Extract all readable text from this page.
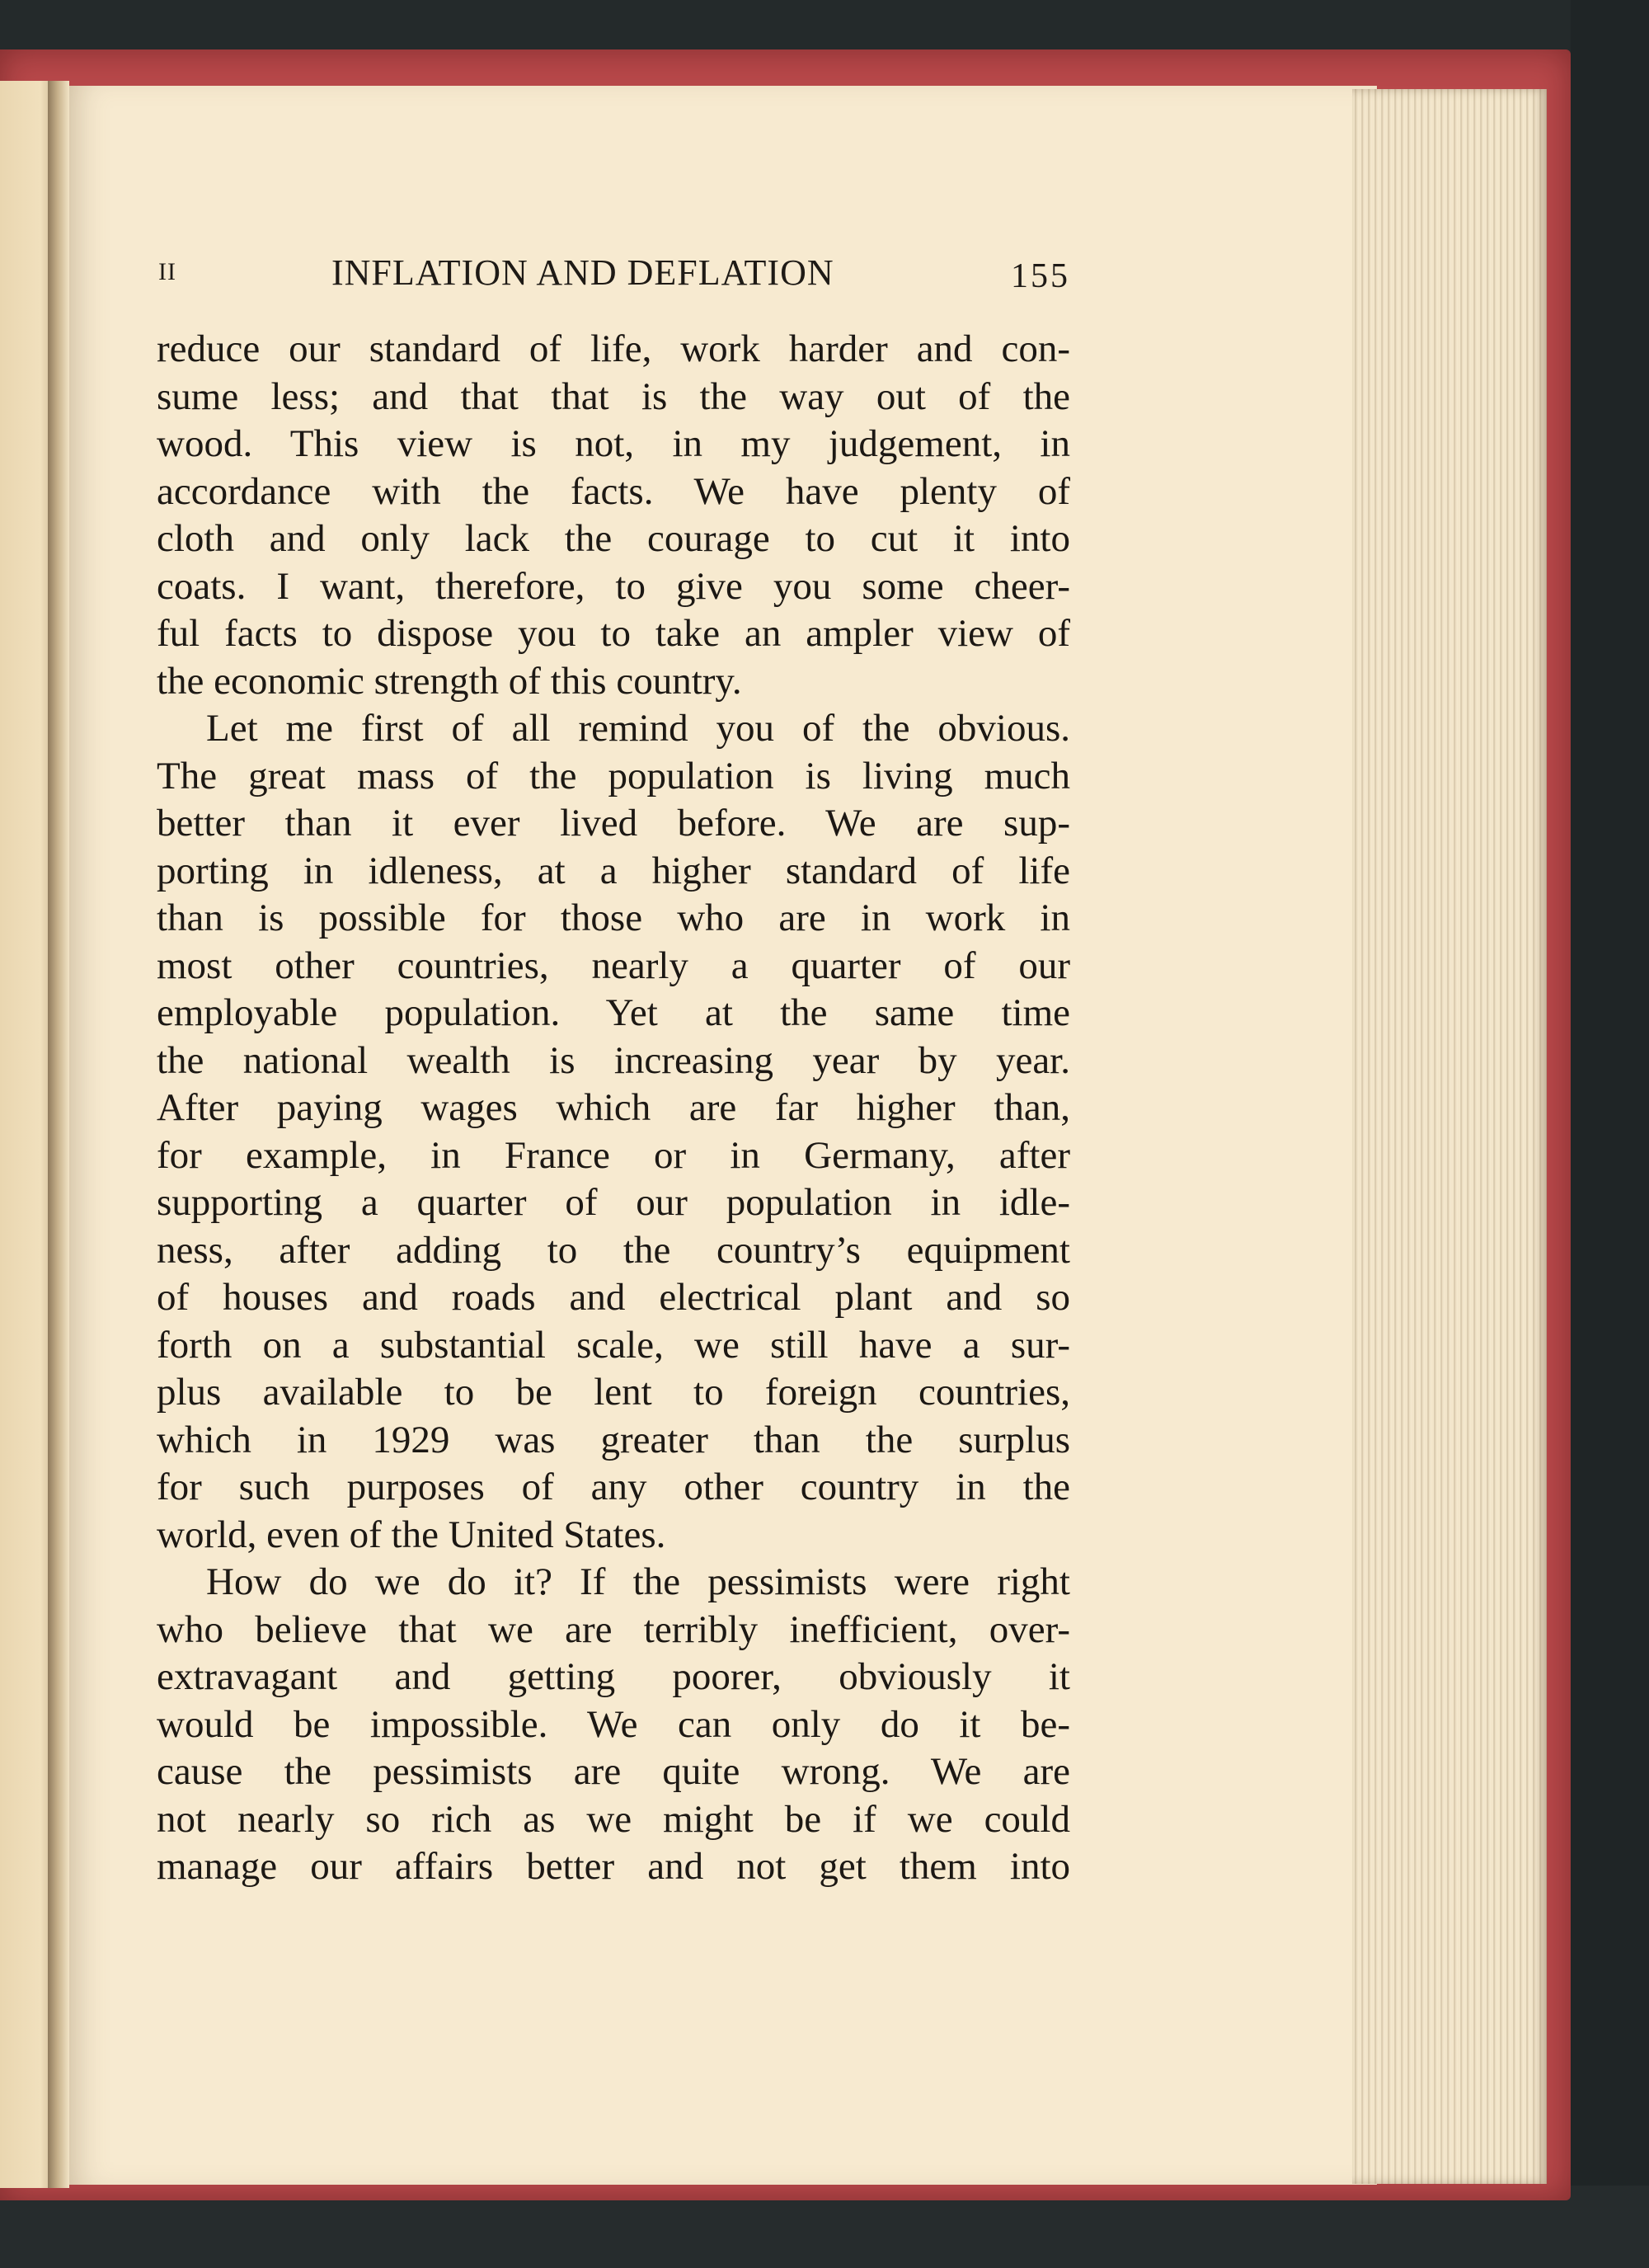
II	INFLATION AND DEFLATION	155
reduce our standard of life, work harder and con-
sume less; and that that is the way out of the
wood. This view is not, in my judgement, in
accordance with the facts. We have plenty of
cloth and only lack the courage to cut it into
coats. I want, therefore, to give you some cheer-
ful facts to dispose you to take an ampler view of
the economic strength of this country.
Let me first of all remind you of the obvious.
The great mass of the population is living much
better than it ever lived before. We are sup-
porting in idleness, at a higher standard of life
than is possible for those who are in work in
most other countries, nearly a quarter of our
employable population. Yet at the same time
the national wealth is increasing year by year.
After paying wages which are far higher than,
for example, in France or in Germany, after
supporting a quarter of our population in idle-
ness, after adding to the country’s equipment
of houses and roads and electrical plant and so
forth on a substantial scale, we still have a sur-
plus available to be lent to foreign countries,
which in 1929 was greater than the surplus
for such purposes of any other country in the
world, even of the United States.
How do we do it? If the pessimists were right
who believe that we are terribly inefficient, over-
extravagant and getting poorer, obviously it
would be impossible. We can only do it be-
cause the pessimists are quite wrong. We are
not nearly so rich as we might be if we could
manage our affairs better and not get them into
